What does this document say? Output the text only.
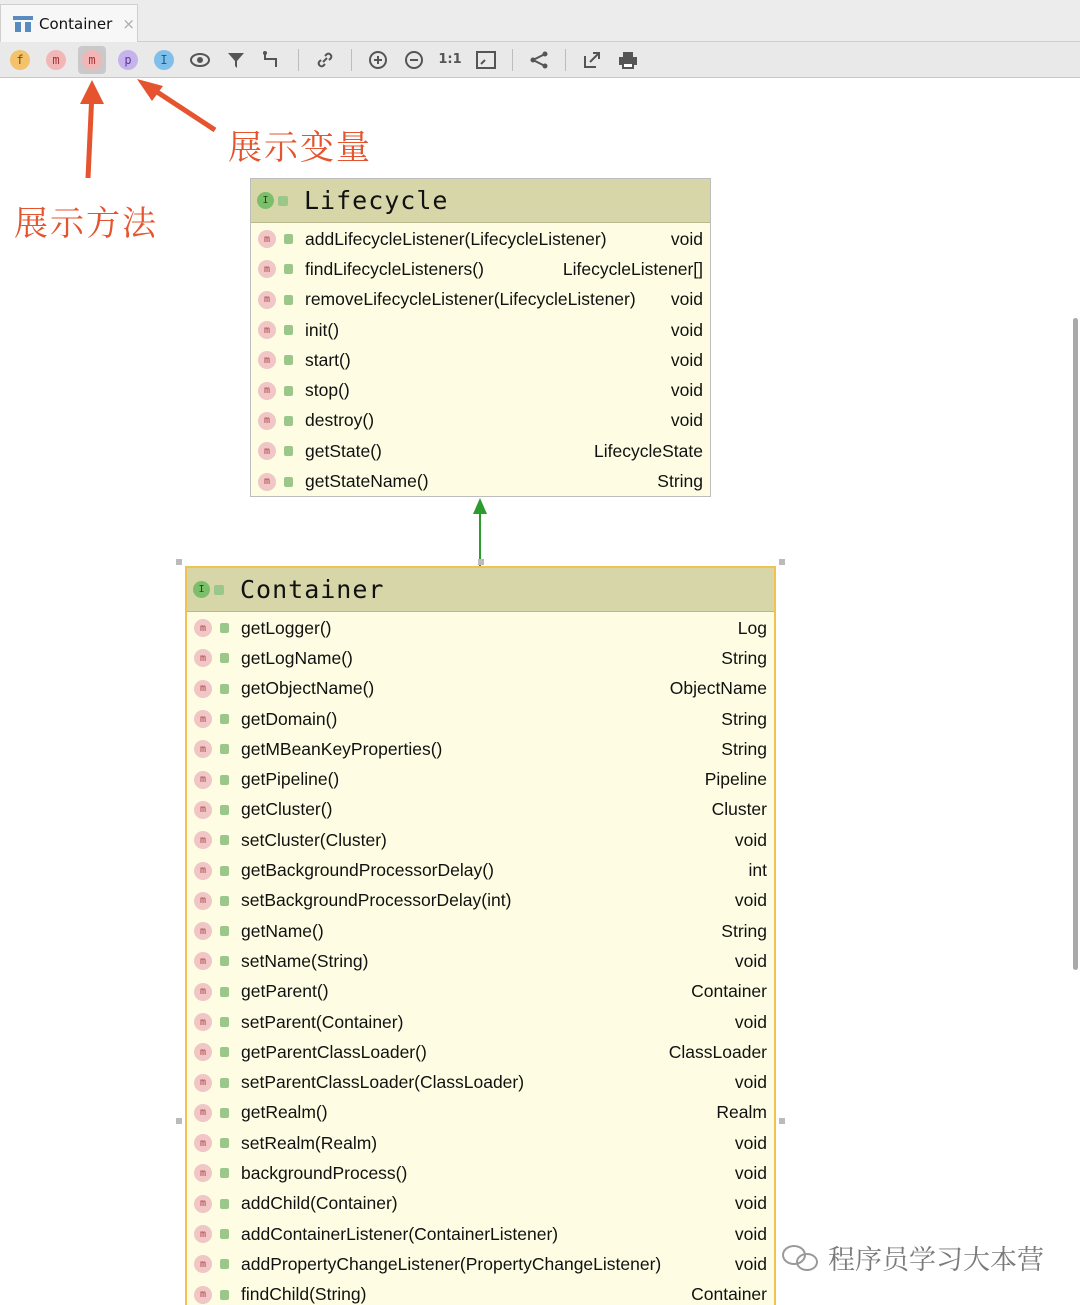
Container ×
f	m	m	p	I	1:1
展示方法
展示变量
I Lifecycle
m	addLifecycleListener(LifecycleListener)	void
m	findLifecycleListeners()	LifecycleListener[]
m	removeLifecycleListener(LifecycleListener)	void
m	init()	void
m	start()	void
m	stop()	void
m	destroy()	void
m	getState()	LifecycleState
m	getStateName()	String
I Container
m	getLogger()	Log
m	getLogName()	String
m	getObjectName()	ObjectName
m	getDomain()	String
m	getMBeanKeyProperties()	String
m	getPipeline()	Pipeline
m	getCluster()	Cluster
m	setCluster(Cluster)	void
m	getBackgroundProcessorDelay()	int
m	setBackgroundProcessorDelay(int)	void
m	getName()	String
m	setName(String)	void
m	getParent()	Container
m	setParent(Container)	void
m	getParentClassLoader()	ClassLoader
m	setParentClassLoader(ClassLoader)	void
m	getRealm()	Realm
m	setRealm(Realm)	void
m	backgroundProcess()	void
m	addChild(Container)	void
m	addContainerListener(ContainerListener)	void
m	addPropertyChangeListener(PropertyChangeListener)	void
m	findChild(String)	Container
程序员学习大本营
